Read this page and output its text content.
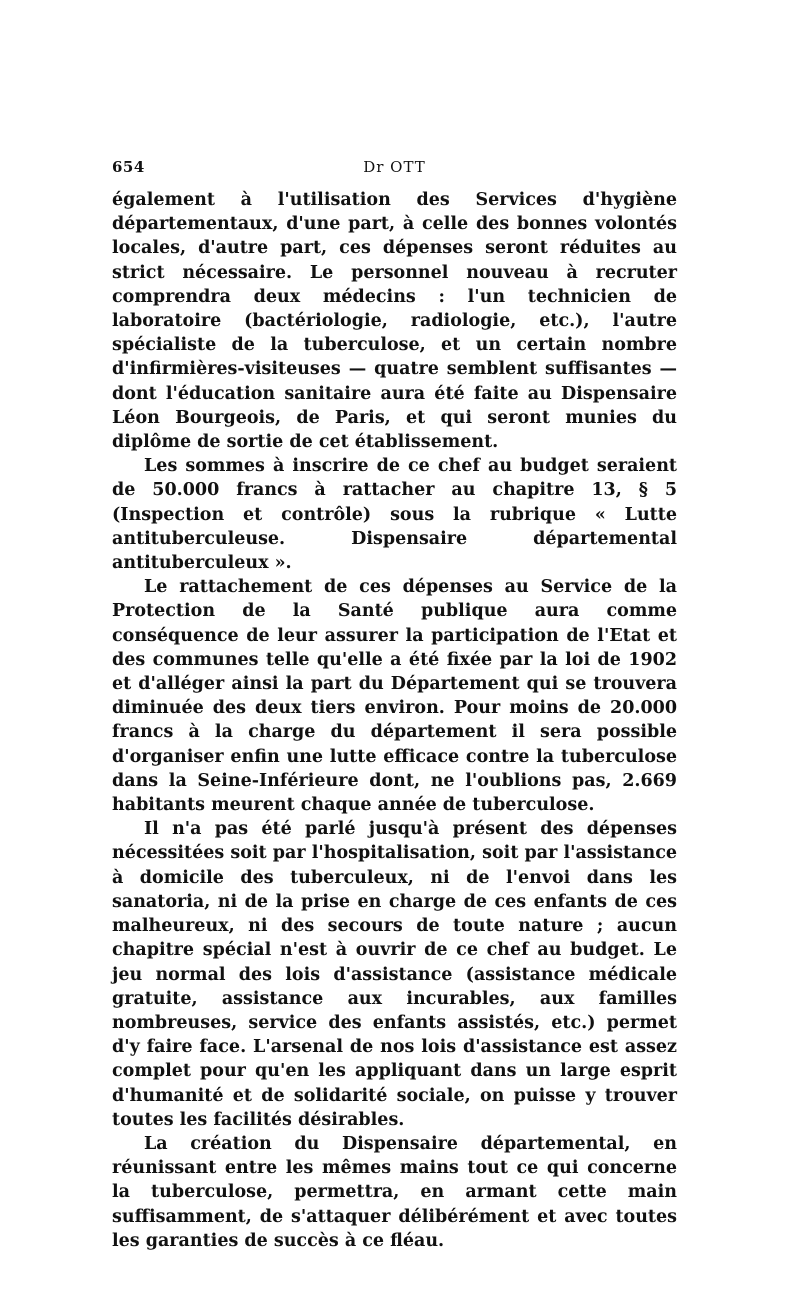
654	Dr OTT

également à l'utilisation des Services d'hygiène départementaux, d'une part, à celle des bonnes volontés locales, d'autre part, ces dépenses seront réduites au strict nécessaire. Le personnel nouveau à recruter comprendra deux médecins : l'un technicien de laboratoire (bactériologie, radiologie, etc.), l'autre spécialiste de la tuberculose, et un certain nombre d'infirmières-visiteuses — quatre semblent suffisantes — dont l'éducation sanitaire aura été faite au Dispensaire Léon Bourgeois, de Paris, et qui seront munies du diplôme de sortie de cet établissement.

Les sommes à inscrire de ce chef au budget seraient de 50.000 francs à rattacher au chapitre 13, § 5 (Inspection et contrôle) sous la rubrique « Lutte antituberculeuse. Dispensaire départemental antituberculeux ».

Le rattachement de ces dépenses au Service de la Protection de la Santé publique aura comme conséquence de leur assurer la participation de l'Etat et des communes telle qu'elle a été fixée par la loi de 1902 et d'alléger ainsi la part du Département qui se trouvera diminuée des deux tiers environ. Pour moins de 20.000 francs à la charge du département il sera possible d'organiser enfin une lutte efficace contre la tuberculose dans la Seine-Inférieure dont, ne l'oublions pas, 2.669 habitants meurent chaque année de tuberculose.

Il n'a pas été parlé jusqu'à présent des dépenses nécessitées soit par l'hospitalisation, soit par l'assistance à domicile des tuberculeux, ni de l'envoi dans les sanatoria, ni de la prise en charge de ces enfants de ces malheureux, ni des secours de toute nature ; aucun chapitre spécial n'est à ouvrir de ce chef au budget. Le jeu normal des lois d'assistance (assistance médicale gratuite, assistance aux incurables, aux familles nombreuses, service des enfants assistés, etc.) permet d'y faire face. L'arsenal de nos lois d'assistance est assez complet pour qu'en les appliquant dans un large esprit d'humanité et de solidarité sociale, on puisse y trouver toutes les facilités désirables.

La création du Dispensaire départemental, en réunissant entre les mêmes mains tout ce qui concerne la tuberculose, permettra, en armant cette main suffisamment, de s'attaquer délibérément et avec toutes les garanties de succès à ce fléau.
